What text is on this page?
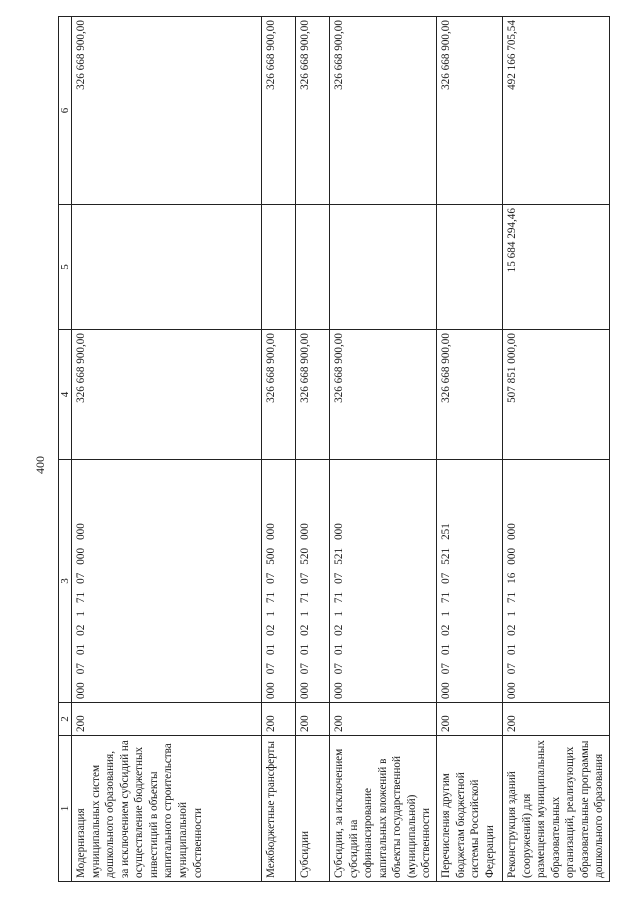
400
1	2	3	4	5	6
Модернизация муниципальных систем дошкольного образования, за исключением субсидий на осуществление бюджетных инвестиций в объекты капитального строительства муниципальной собственности	200	00007010217107000000	326 668 900,00		326 668 900,00
Межбюджетные трансферты	200	00007010217107500000	326 668 900,00		326 668 900,00
Субсидии	200	00007010217107520000	326 668 900,00		326 668 900,00
Субсидии, за исключением субсидий на софинансирование капитальных вложений в объекты государственной (муниципальной) собственности	200	00007010217107521000	326 668 900,00		326 668 900,00
Перечисления другим бюджетам бюджетной системы Российской Федерации	200	00007010217107521251	326 668 900,00		326 668 900,00
Реконструкция зданий (сооружений) для размещения муниципальных образовательных организаций, реализующих образовательные программы дошкольного образования	200	00007010217116000000	507 851 000,00	15 684 294,46	492 166 705,54
